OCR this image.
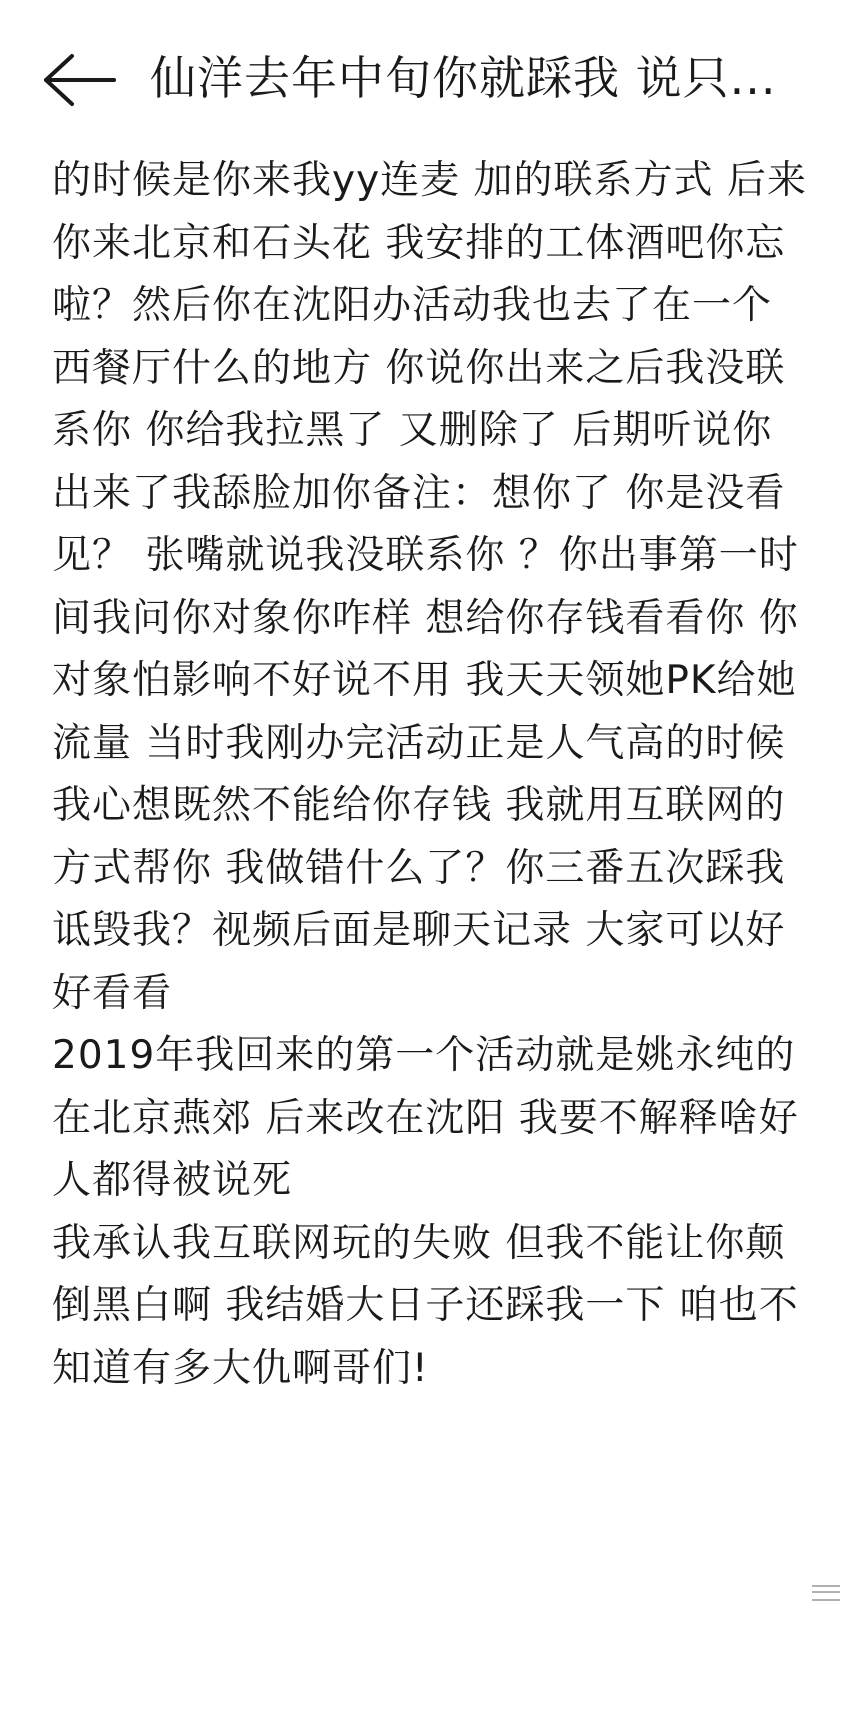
仙洋去年中旬你就踩我 说只...

的时候是你来我yy连麦 加的联系方式 后来
你来北京和石头花 我安排的工体酒吧你忘
啦？然后你在沈阳办活动我也去了在一个
西餐厅什么的地方 你说你出来之后我没联
系你 你给我拉黑了 又删除了 后期听说你
出来了我舔脸加你备注：想你了 你是没看
见？ 张嘴就说我没联系你 ？你出事第一时
间我问你对象你咋样 想给你存钱看看你 你
对象怕影响不好说不用 我天天领她PK给她
流量 当时我刚办完活动正是人气高的时候
我心想既然不能给你存钱 我就用互联网的
方式帮你 我做错什么了？你三番五次踩我
诋毁我？视频后面是聊天记录 大家可以好
好看看

2019年我回来的第一个活动就是姚永纯的
在北京燕郊 后来改在沈阳 我要不解释啥好
人都得被说死

我承认我互联网玩的失败 但我不能让你颠
倒黑白啊 我结婚大日子还踩我一下 咱也不
知道有多大仇啊哥们!
